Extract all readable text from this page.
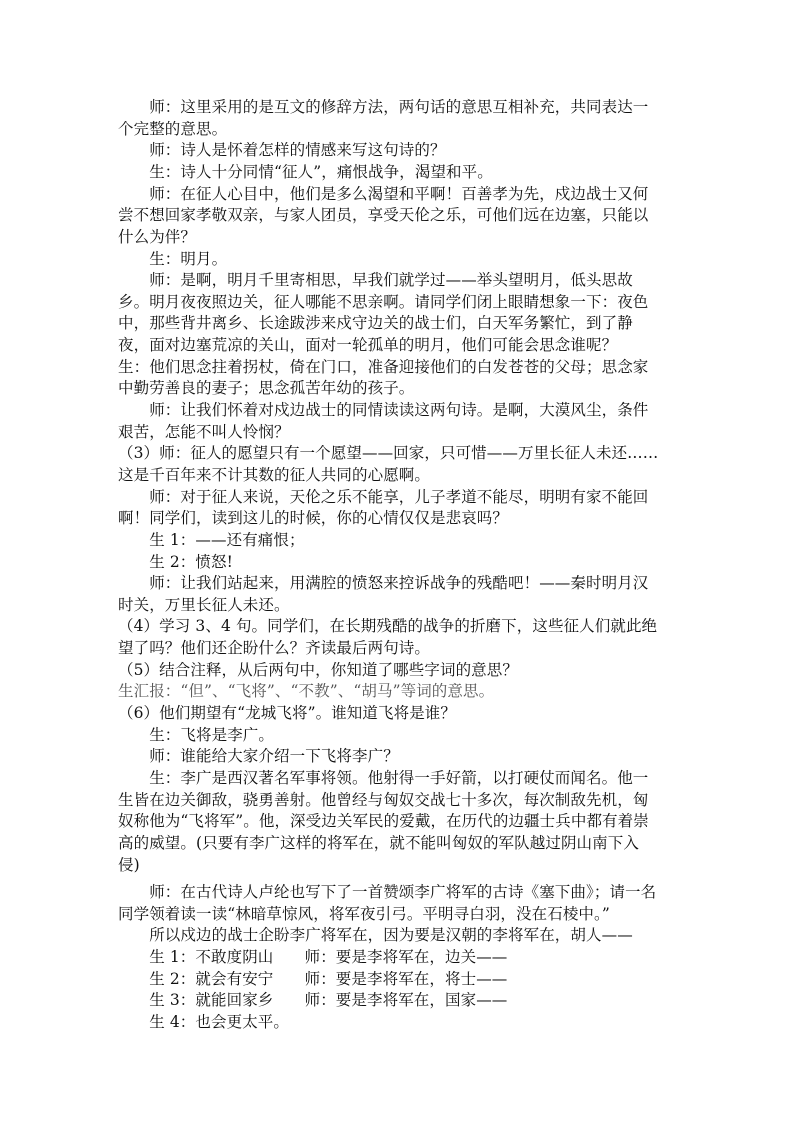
　　师：这里采用的是互文的修辞方法，两句话的意思互相补充，共同表达一
个完整的意思。
　　师：诗人是怀着怎样的情感来写这句诗的？
　　生：诗人十分同情“征人”，痛恨战争，渴望和平。
　　师：在征人心目中，他们是多么渴望和平啊！百善孝为先，戍边战士又何
尝不想回家孝敬双亲，与家人团员，享受天伦之乐，可他们远在边塞，只能以
什么为伴？
　　生：明月。
　　师：是啊，明月千里寄相思，早我们就学过——举头望明月，低头思故
乡。明月夜夜照边关，征人哪能不思亲啊。请同学们闭上眼睛想象一下：夜色
中，那些背井离乡、长途跋涉来戍守边关的战士们，白天军务繁忙，到了静
夜，面对边塞荒凉的关山，面对一轮孤单的明月，他们可能会思念谁呢？
生：他们思念拄着拐杖，倚在门口，准备迎接他们的白发苍苍的父母；思念家
中勤劳善良的妻子；思念孤苦年幼的孩子。
　　师：让我们怀着对戍边战士的同情读读这两句诗。是啊，大漠风尘，条件
艰苦，怎能不叫人怜悯？
（3）师：征人的愿望只有一个愿望——回家，只可惜——万里长征人未还……
这是千百年来不计其数的征人共同的心愿啊。
　　师：对于征人来说，天伦之乐不能享，儿子孝道不能尽，明明有家不能回
啊！同学们，读到这儿的时候，你的心情仅仅是悲哀吗？
　　生 1：——还有痛恨；
　　生 2：愤怒!
　　师：让我们站起来，用满腔的愤怒来控诉战争的残酷吧！——秦时明月汉
时关，万里长征人未还。
（4）学习 3、4 句。同学们，在长期残酷的战争的折磨下，这些征人们就此绝
望了吗？他们还企盼什么？齐读最后两句诗。
（5）结合注释，从后两句中，你知道了哪些字词的意思？
生汇报：“但”、“飞将”、“不教”、“胡马”等词的意思。
（6）他们期望有“龙城飞将”。谁知道飞将是谁？
　　生：飞将是李广。
　　师：谁能给大家介绍一下飞将李广？
　　生：李广是西汉著名军事将领。他射得一手好箭，以打硬仗而闻名。他一
生皆在边关御敌，骁勇善射。他曾经与匈奴交战七十多次，每次制敌先机，匈
奴称他为“飞将军”。他，深受边关军民的爱戴，在历代的边疆士兵中都有着崇
高的威望。(只要有李广这样的将军在，就不能叫匈奴的军队越过阴山南下入
侵)
　　师：在古代诗人卢纶也写下了一首赞颂李广将军的古诗《塞下曲》；请一名
同学领着读一读“林暗草惊风，将军夜引弓。平明寻白羽，没在石棱中。”
　　所以戍边的战士企盼李广将军在，因为要是汉朝的李将军在，胡人——
　　生 1：不敢度阴山　　师：要是李将军在，边关——
　　生 2：就会有安宁　　师：要是李将军在，将士——
　　生 3：就能回家乡　　师：要是李将军在，国家——
　　生 4：也会更太平。
